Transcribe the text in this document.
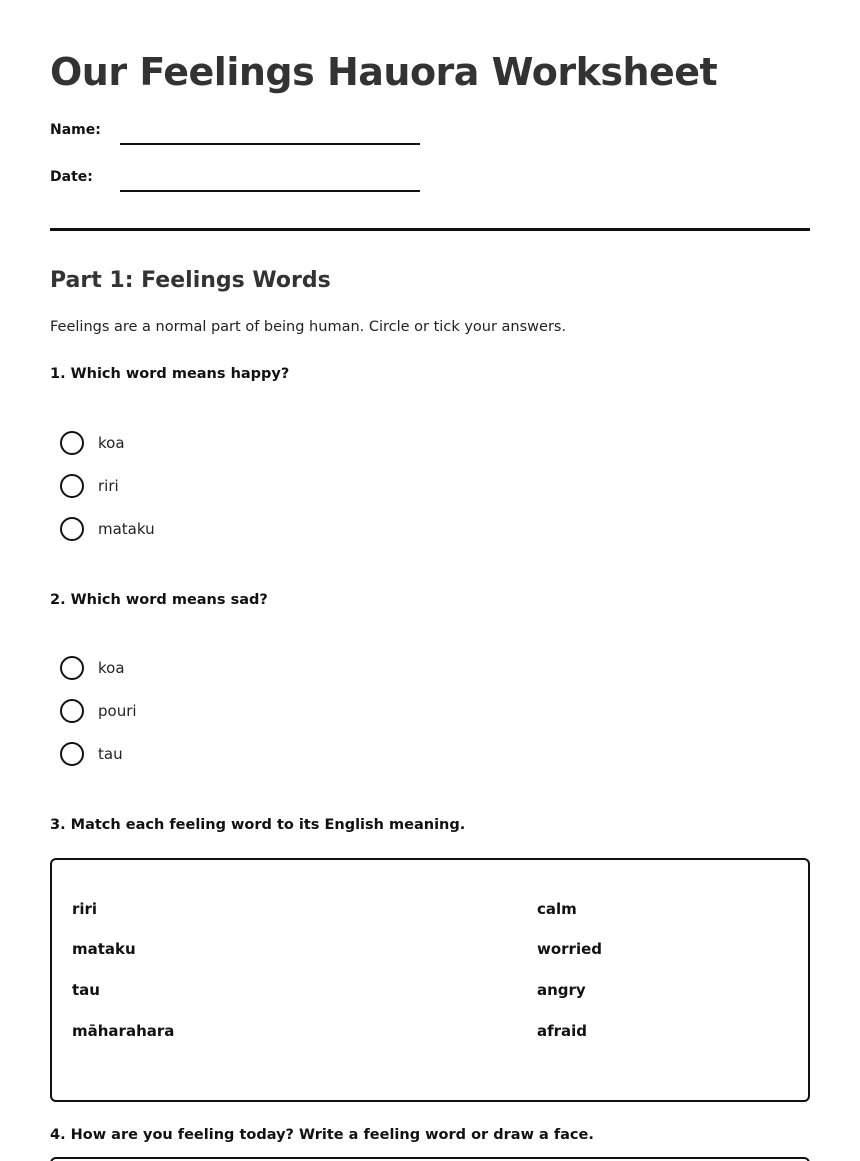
Our Feelings Hauora Worksheet
Name:
Date:
Part 1: Feelings Words
Feelings are a normal part of being human. Circle or tick your answers.
1. Which word means happy?
koa
riri
mataku
2. Which word means sad?
koa
pouri
tau
3. Match each feeling word to its English meaning.
riri
mataku
tau
māharahara
calm
worried
angry
afraid
4. How are you feeling today? Write a feeling word or draw a face.
